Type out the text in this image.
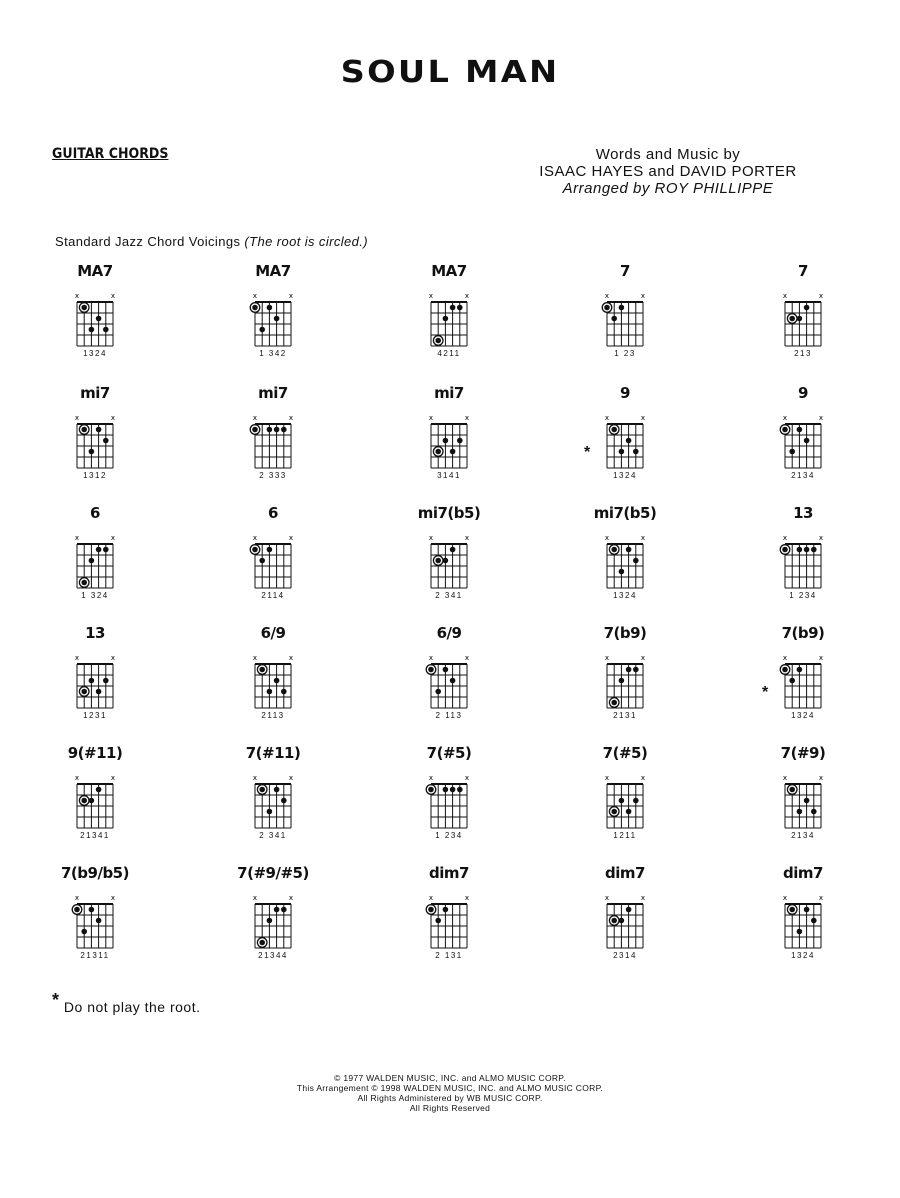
SOUL MAN
GUITAR CHORDS	Words and Music by
ISAAC HAYES and DAVID PORTER
Arranged by ROY PHILLIPPE
Standard Jazz Chord Voicings (The root is circled.)
MA7
x	x
1324
MA7
x	x
1 342
MA7
x	x
4211
7
x	x
1 23
7
x	x
213
mi7
x	x
1312
mi7
x	x
2 333
mi7
x	x
3141
9
x	x
*
1324
9
x	x
2134
6
x	x
1 324
6
x	x
2114
mi7(b5)
x	x
2 341
mi7(b5)
x	x
1324
13
x	x
1 234
13
x	x
1231
6/9
x	x
2113
6/9
x	x
2 113
7(b9)
x	x
2131
7(b9)
x	x
*
1324
9(#11)
x	x
21341
7(#11)
x	x
2 341
7(#5)
x	x
1 234
7(#5)
x	x
1211
7(#9)
x	x
2134
7(b9/b5)
x	x
21311
7(#9/#5)
x	x
21344
dim7
x	x
2 131
dim7
x	x
2314
dim7
x	x
1324
* Do not play the root.
© 1977 WALDEN MUSIC, INC. and ALMO MUSIC CORP.
This Arrangement © 1998 WALDEN MUSIC, INC. and ALMO MUSIC CORP.
All Rights Administered by WB MUSIC CORP.
All Rights Reserved
